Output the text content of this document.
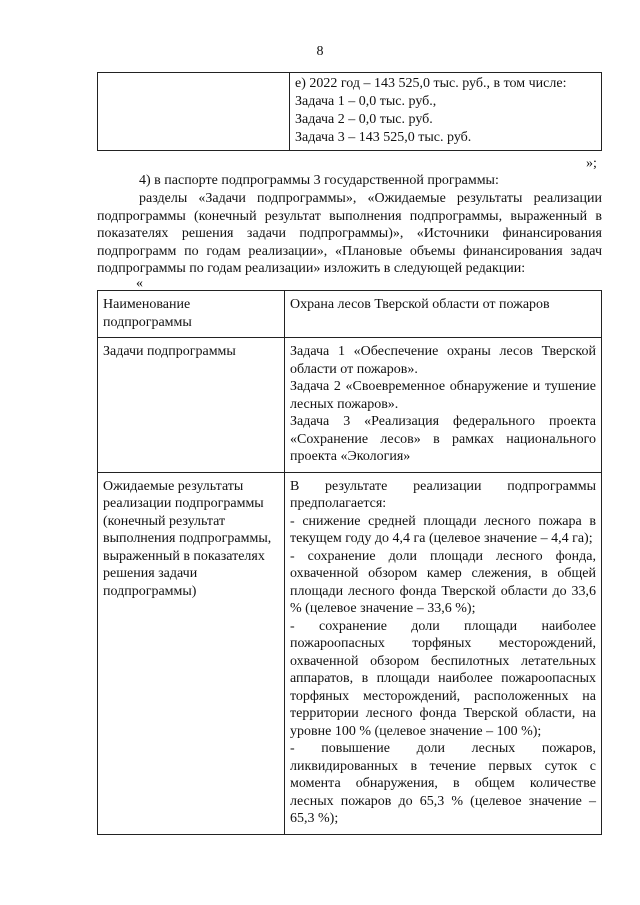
8

е) 2022 год – 143 525,0 тыс. руб., в том числе:
Задача 1 – 0,0 тыс. руб.,
Задача 2 – 0,0 тыс. руб.
Задача 3 – 143 525,0 тыс. руб.
»;
4) в паспорте подпрограммы 3 государственной программы:
разделы «Задачи подпрограммы», «Ожидаемые результаты реализации подпрограммы (конечный результат выполнения подпрограммы, выраженный в показателях решения задачи подпрограммы)», «Источники финансирования подпрограмм по годам реализации», «Плановые объемы финансирования задач подпрограммы по годам реализации» изложить в следующей редакции:
«
Наименование подпрограммы	Охрана лесов Тверской области от пожаров

Задачи подпрограммы	Задача 1 «Обеспечение охраны лесов Тверской области от пожаров».
Задача 2 «Своевременное обнаружение и тушение лесных пожаров».
Задача 3 «Реализация федерального проекта «Сохранение лесов» в рамках национального проекта «Экология»

Ожидаемые результаты реализации подпрограммы (конечный результат выполнения подпрограммы, выраженный в показателях решения задачи подпрограммы)	В результате реализации подпрограммы предполагается:
- снижение средней площади лесного пожара в текущем году до 4,4 га (целевое значение – 4,4 га);
- сохранение доли площади лесного фонда, охваченной обзором камер слежения, в общей площади лесного фонда Тверской области до 33,6 % (целевое значение – 33,6 %);
- сохранение доли площади наиболее пожароопасных торфяных месторождений, охваченной обзором беспилотных летательных аппаратов, в площади наиболее пожароопасных торфяных месторождений, расположенных на территории лесного фонда Тверской области, на уровне 100 % (целевое значение – 100 %);
- повышение доли лесных пожаров, ликвидированных в течение первых суток с момента обнаружения, в общем количестве лесных пожаров до 65,3 % (целевое значение – 65,3 %);
